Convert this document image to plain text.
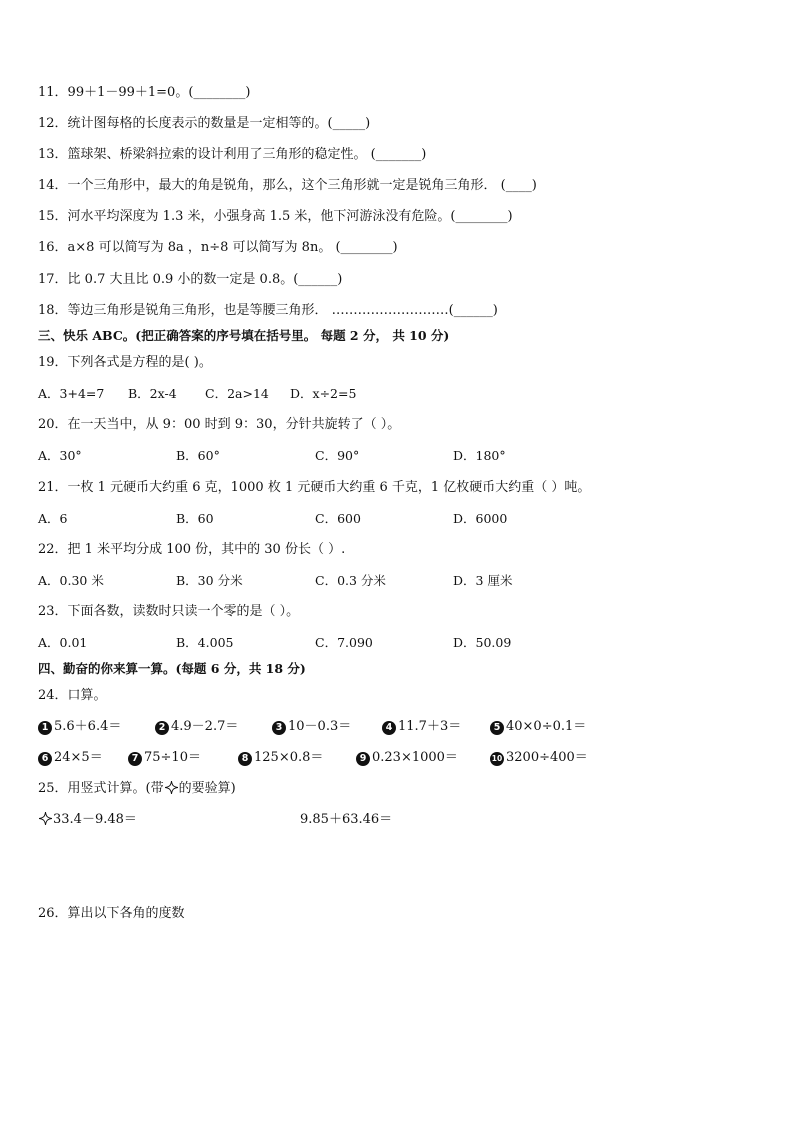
11．99＋1－99＋1=0。(________)
12．统计图每格的长度表示的数量是一定相等的。(_____)
13．篮球架、桥梁斜拉索的设计利用了三角形的稳定性。 (_______)
14．一个三角形中，最大的角是锐角，那么，这个三角形就一定是锐角三角形． (____)
15．河水平均深度为 1.3 米，小强身高 1.5 米，他下河游泳没有危险。(________)
16．a×8 可以简写为 8a ，n÷8 可以简写为 8n。 (________)
17．比 0.7 大且比 0.9 小的数一定是 0.8。(______)
18．等边三角形是锐角三角形，也是等腰三角形． ………………………(______)
三、快乐 ABC。(把正确答案的序号填在括号里。 每题 2 分， 共 10 分)
19．下列各式是方程的是( )。
A．3+4=7 B．2x-4 C．2a>14 D．x÷2=5
20．在一天当中，从 9：00 时到 9：30，分针共旋转了（ ）。
A．30°	B．60°	C．90°	D．180°
21．一枚 1 元硬币大约重 6 克，1000 枚 1 元硬币大约重 6 千克，1 亿枚硬币大约重（ ）吨。
A．6	B．60	C．600	D．6000
22．把 1 米平均分成 100 份，其中的 30 份长（ ）.
A．0.30 米	B．30 分米	C．0.3 分米	D．3 厘米
23．下面各数，读数时只读一个零的是（ ）。
A．0.01	B．4.005	C．7.090	D．50.09
四、勤奋的你来算一算。(每题 6 分，共 18 分)
24．口算。
1 5.6＋6.4＝	2 4.9－2.7＝	3 10－0.3＝	4 11.7＋3＝	5 40×0÷0.1＝
6 24×5＝	7 75÷10＝	8 125×0.8＝	9 0.23×1000＝	10 3200÷400＝
25．用竖式计算。(带 的要验算)
33.4－9.48＝	9.85＋63.46＝
26．算出以下各角的度数
